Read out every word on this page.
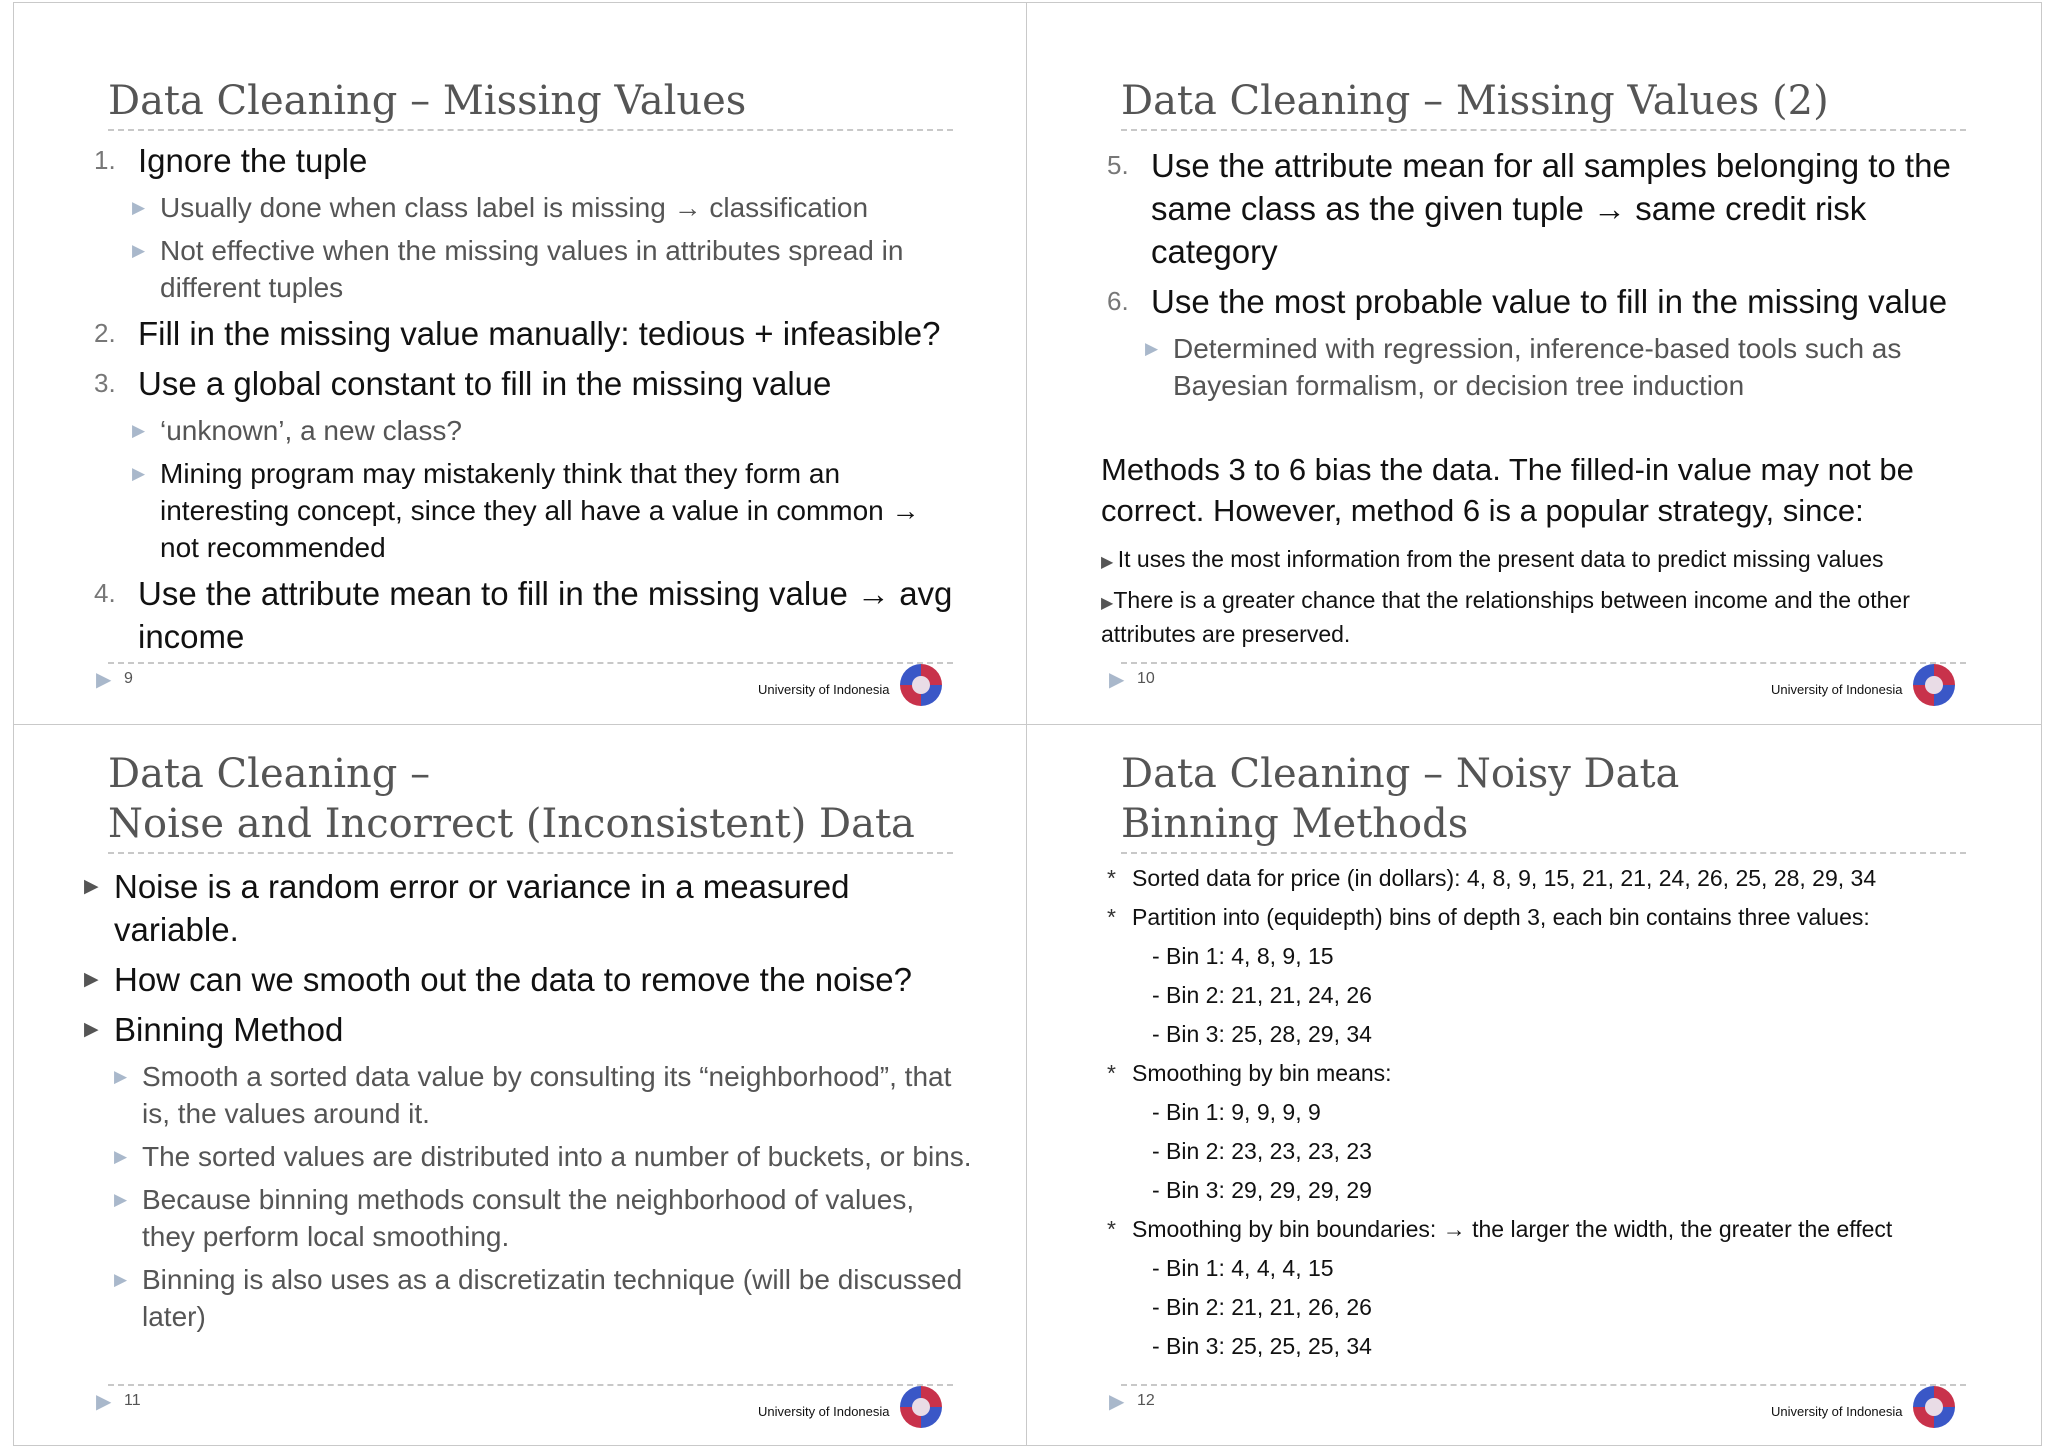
Data Cleaning – Missing Values
1. Ignore the tuple
▶ Usually done when class label is missing → classification
▶ Not effective when the missing values in attributes spread in different tuples
2. Fill in the missing value manually: tedious + infeasible?
3. Use a global constant to fill in the missing value
▶ ‘unknown’, a new class?
▶ Mining program may mistakenly think that they form an interesting concept, since they all have a value in common → not recommended
4. Use the attribute mean to fill in the missing value → avg income
▶ 9
University of Indonesia
Data Cleaning – Missing Values (2)
5. Use the attribute mean for all samples belonging to the same class as the given tuple → same credit risk category
6. Use the most probable value to fill in the missing value
▶ Determined with regression, inference-based tools such as Bayesian formalism, or decision tree induction
Methods 3 to 6 bias the data. The filled-in value may not be correct. However, method 6 is a popular strategy, since:
▶ It uses the most information from the present data to predict missing values
▶There is a greater chance that the relationships between income and the other attributes are preserved.
▶ 10
University of Indonesia
Data Cleaning –
Noise and Incorrect (Inconsistent) Data
▶ Noise is a random error or variance in a measured variable.
▶ How can we smooth out the data to remove the noise?
▶ Binning Method
▶ Smooth a sorted data value by consulting its “neighborhood”, that is, the values around it.
▶ The sorted values are distributed into a number of buckets, or bins.
▶ Because binning methods consult the neighborhood of values, they perform local smoothing.
▶ Binning is also uses as a discretizatin technique (will be discussed later)
▶ 11
University of Indonesia
Data Cleaning – Noisy Data
Binning Methods
* Sorted data for price (in dollars): 4, 8, 9, 15, 21, 21, 24, 26, 25, 28, 29, 34
* Partition into (equidepth) bins of depth 3, each bin contains three values:
- Bin 1: 4, 8, 9, 15
- Bin 2: 21, 21, 24, 26
- Bin 3: 25, 28, 29, 34
* Smoothing by bin means:
- Bin 1: 9, 9, 9, 9
- Bin 2: 23, 23, 23, 23
- Bin 3: 29, 29, 29, 29
* Smoothing by bin boundaries: → the larger the width, the greater the effect
- Bin 1: 4, 4, 4, 15
- Bin 2: 21, 21, 26, 26
- Bin 3: 25, 25, 25, 34
▶ 12
University of Indonesia
